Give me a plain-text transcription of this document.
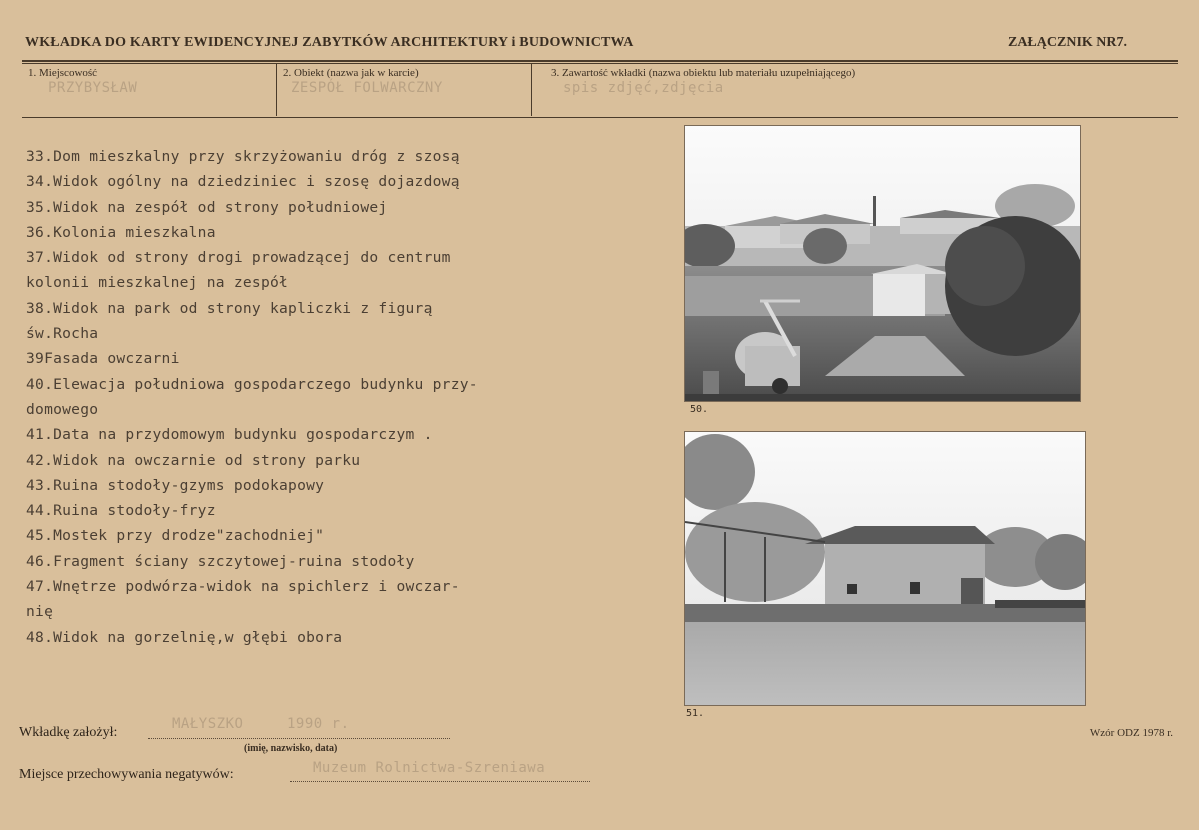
WKŁADKA DO KARTY EWIDENCYJNEJ ZABYTKÓW ARCHITEKTURY i BUDOWNICTWA	ZAŁĄCZNIK NR7.
1. Miejscowość
PRZYBYSŁAW
2. Obiekt (nazwa jak w karcie)
ZESPÓŁ FOLWARCZNY
3. Zawartość wkładki (nazwa obiektu lub materiału uzupełniającego)
spis zdjęć,zdjęcia
33.Dom mieszkalny przy skrzyżowaniu dróg z szosą
34.Widok ogólny na dziedziniec i szosę dojazdową
35.Widok na zespół od strony południowej
36.Kolonia mieszkalna
37.Widok od strony drogi prowadzącej do centrum
kolonii mieszkalnej na zespół
38.Widok na park od strony kapliczki z figurą
św.Rocha
39Fasada owczarni
40.Elewacja południowa gospodarczego budynku przy-
domowego
41.Data na przydomowym budynku gospodarczym .
42.Widok na owczarnie od strony parku
43.Ruina stodoły-gzyms podokapowy
44.Ruina stodoły-fryz
45.Mostek przy drodze"zachodniej"
46.Fragment ściany szczytowej-ruina stodoły
47.Wnętrze podwórza-widok na spichlerz i owczar-
nię
48.Widok na gorzelnię,w głębi obora
50.
51.
Wkładkę założył:
MAŁYSZKO	1990 r.
(imię, nazwisko, data)
Miejsce przechowywania negatywów:	Muzeum Rolnictwa-Szreniawa
Wzór ODZ 1978 r.
